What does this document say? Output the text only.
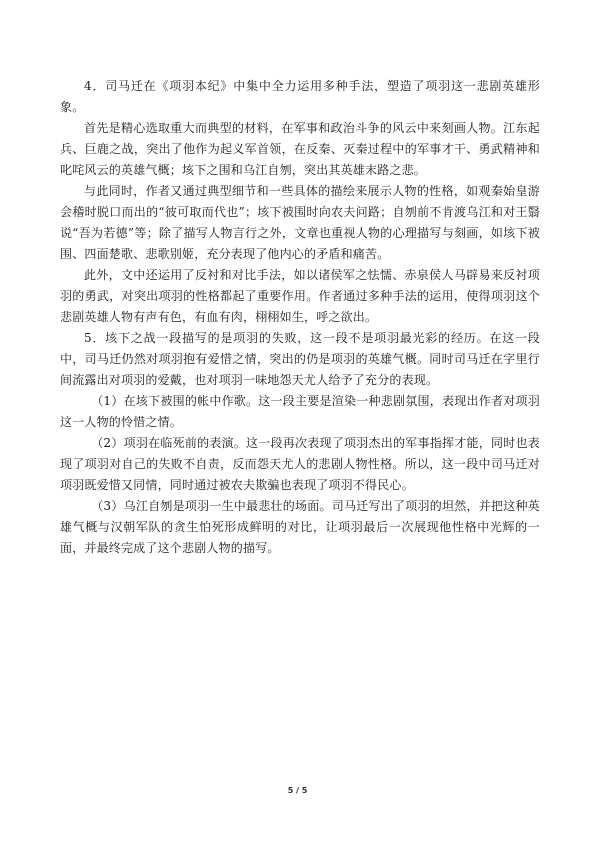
4．司马迁在《项羽本纪》中集中全力运用多种手法，塑造了项羽这一悲剧英雄形象。

首先是精心选取重大而典型的材料，在军事和政治斗争的风云中来刻画人物。江东起兵、巨鹿之战，突出了他作为起义军首领，在反秦、灭秦过程中的军事才干、勇武精神和叱咤风云的英雄气概；垓下之围和乌江自刎，突出其英雄末路之悲。

与此同时，作者又通过典型细节和一些具体的描绘来展示人物的性格，如观秦始皇游会稽时脱口而出的“彼可取而代也”；垓下被围时向农夫问路；自刎前不肯渡乌江和对王翳说“吾为若德”等；除了描写人物言行之外，文章也重视人物的心理描写与刻画，如垓下被围、四面楚歌、悲歌别姬，充分表现了他内心的矛盾和痛苦。

此外，文中还运用了反衬和对比手法，如以诸侯军之怯懦、赤泉侯人马辟易来反衬项羽的勇武，对突出项羽的性格都起了重要作用。作者通过多种手法的运用，使得项羽这个悲剧英雄人物有声有色，有血有肉，栩栩如生，呼之欲出。

5．垓下之战一段描写的是项羽的失败，这一段不是项羽最光彩的经历。在这一段中，司马迁仍然对项羽抱有爱惜之情，突出的仍是项羽的英雄气概。同时司马迁在字里行间流露出对项羽的爱戴，也对项羽一味地怨天尤人给予了充分的表现。

（1）在垓下被围的帐中作歌。这一段主要是渲染一种悲剧氛围，表现出作者对项羽这一人物的怜惜之情。

（2）项羽在临死前的表演。这一段再次表现了项羽杰出的军事指挥才能，同时也表现了项羽对自己的失败不自责，反而怨天尤人的悲剧人物性格。所以，这一段中司马迁对项羽既爱惜又同情，同时通过被农夫欺骗也表现了项羽不得民心。

（3）乌江自刎是项羽一生中最悲壮的场面。司马迁写出了项羽的坦然，并把这种英雄气概与汉朝军队的贪生怕死形成鲜明的对比，让项羽最后一次展现他性格中光辉的一面，并最终完成了这个悲剧人物的描写。

5 / 5
